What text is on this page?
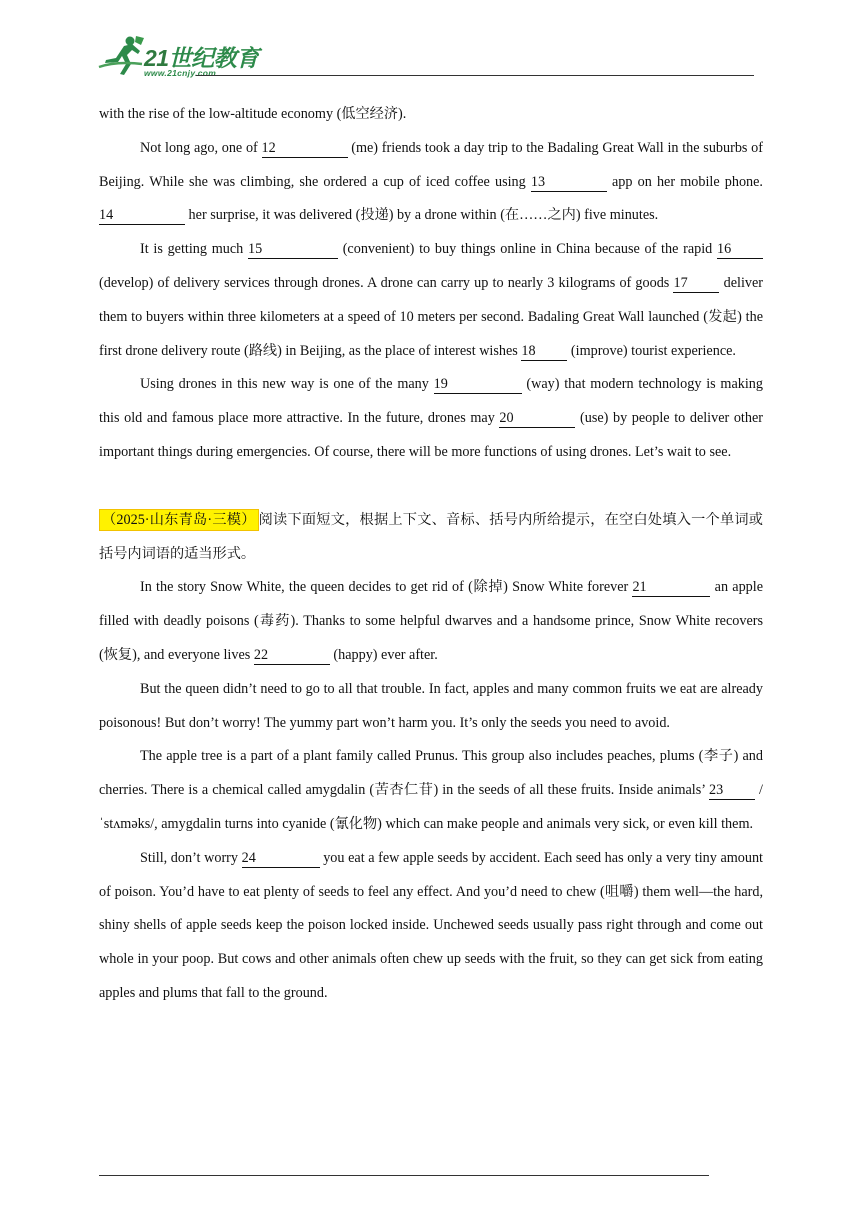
21世纪教育
www.21cnjy.com

with the rise of the low-altitude economy (低空经济).

Not long ago, one of 12	(me) friends took a day trip to the Badaling Great Wall in the suburbs of Beijing. While she was climbing, she ordered a cup of iced coffee using 13	app on her mobile phone. 14	her surprise, it was delivered (投递) by a drone within (在……之内) five minutes.

It is getting much 15	(convenient) to buy things online in China because of the rapid 16 (develop) of delivery services through drones. A drone can carry up to nearly 3 kilograms of goods 17 deliver them to buyers within three kilometers at a speed of 10 meters per second. Badaling Great Wall launched (发起) the first drone delivery route (路线) in Beijing, as the place of interest wishes 18 (improve) tourist experience.

Using drones in this new way is one of the many 19	(way) that modern technology is making this old and famous place more attractive. In the future, drones may 20	(use) by people to deliver other important things during emergencies. Of course, there will be more functions of using drones. Let’s wait to see.

（2025·山东青岛·三模） 阅读下面短文，根据上下文、音标、括号内所给提示，在空白处填入一个单词或括号内词语的适当形式。

In the story Snow White, the queen decides to get rid of (除掉) Snow White forever 21	an apple filled with deadly poisons (毒药). Thanks to some helpful dwarves and a handsome prince, Snow White recovers (恢复), and everyone lives 22	(happy) ever after.

But the queen didn’t need to go to all that trouble. In fact, apples and many common fruits we eat are already poisonous! But don’t worry! The yummy part won’t harm you. It’s only the seeds you need to avoid.

The apple tree is a part of a plant family called Prunus. This group also includes peaches, plums (李子) and cherries. There is a chemical called amygdalin (苦杏仁苷) in the seeds of all these fruits. Inside animals’ 23 /ˈstʌməks/, amygdalin turns into cyanide (氰化物) which can make people and animals very sick, or even kill them.

Still, don’t worry 24	you eat a few apple seeds by accident. Each seed has only a very tiny amount of poison. You’d have to eat plenty of seeds to feel any effect. And you’d need to chew (咀嚼) them well—the hard, shiny shells of apple seeds keep the poison locked inside. Unchewed seeds usually pass right through and come out whole in your poop. But cows and other animals often chew up seeds with the fruit, so they can get sick from eating apples and plums that fall to the ground.
